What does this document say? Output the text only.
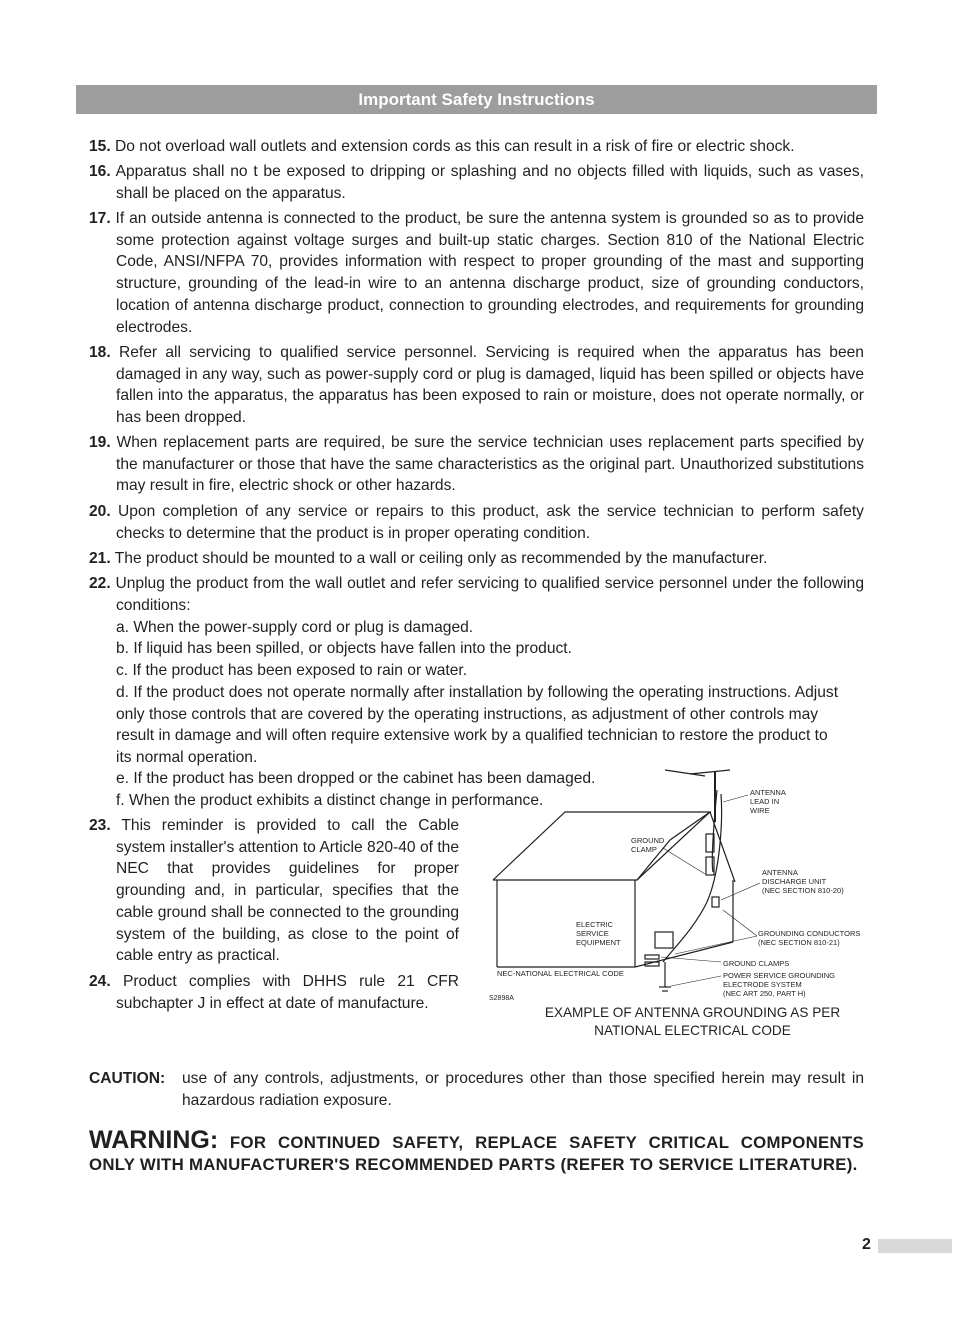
Important Safety Instructions
15. Do not overload wall outlets and extension cords as this can result in a risk of fire or electric shock.
16. Apparatus shall no t be exposed to dripping or splashing and no objects filled with liquids, such as vases, shall be placed on the apparatus.
17. If an outside antenna is connected to the product, be sure the antenna system is grounded so as to provide some protection against voltage surges and built-up static charges. Section 810 of the National Electric Code, ANSI/NFPA 70, provides information with respect to proper grounding of the mast and supporting structure, grounding of the lead-in wire to an antenna discharge product, size of grounding conductors, location of antenna discharge product, connection to grounding electrodes, and requirements for grounding electrodes.
18. Refer all servicing to qualified service personnel. Servicing is required when the apparatus has been damaged in any way, such as power-supply cord or plug is damaged, liquid has been spilled or objects have fallen into the apparatus, the apparatus has been exposed to rain or moisture, does not operate normally, or has been dropped.
19. When replacement parts are required, be sure the service technician uses replacement parts specified by the manufacturer or those that have the same characteristics as the original part. Unauthorized substitutions may result in fire, electric shock or other hazards.
20. Upon completion of any service or repairs to this product, ask the service technician to perform safety checks to determine that the product is in proper operating condition.
21. The product should be mounted to a wall or ceiling only as recommended by the manufacturer.
22. Unplug the product from the wall outlet and refer servicing to qualified service personnel under the following conditions:
a. When the power-supply cord or plug is damaged.
b. If liquid has been spilled, or objects have fallen into the product.
c. If the product has been exposed to rain or water.
d. If the product does not operate normally after installation by following the operating instructions. Adjust only those controls that are covered by the operating instructions, as adjustment of other controls may result in damage and will often require extensive work by a qualified technician to restore the product to its normal operation.
e. If the product has been dropped or the cabinet has been damaged.
f. When the product exhibits a distinct change in performance.
23. This reminder is provided to call the Cable system installer's attention to Article 820-40 of the NEC that provides guidelines for proper grounding and, in particular, specifies that the cable ground shall be connected to the grounding system of the building, as close to the point of cable entry as practical.
24. Product complies with DHHS rule 21 CFR subchapter J in effect at date of manufacture.
ANTENNA
LEAD IN
WIRE
GROUND
CLAMP
ANTENNA
DISCHARGE UNIT
(NEC SECTION 810-20)
ELECTRIC
SERVICE
EQUIPMENT
GROUNDING CONDUCTORS
(NEC SECTION 810-21)
GROUND CLAMPS
POWER SERVICE GROUNDING
ELECTRODE SYSTEM
(NEC ART 250, PART H)
NEC-NATIONAL ELECTRICAL CODE
S2898A
EXAMPLE OF ANTENNA GROUNDING AS PER
NATIONAL ELECTRICAL CODE
CAUTION:	use of any controls, adjustments, or procedures other than those specified herein may result in hazardous radiation exposure.
WARNING: FOR CONTINUED SAFETY, REPLACE SAFETY CRITICAL COMPONENTS ONLY WITH MANUFACTURER'S RECOMMENDED PARTS (REFER TO SERVICE LITERATURE).
2
